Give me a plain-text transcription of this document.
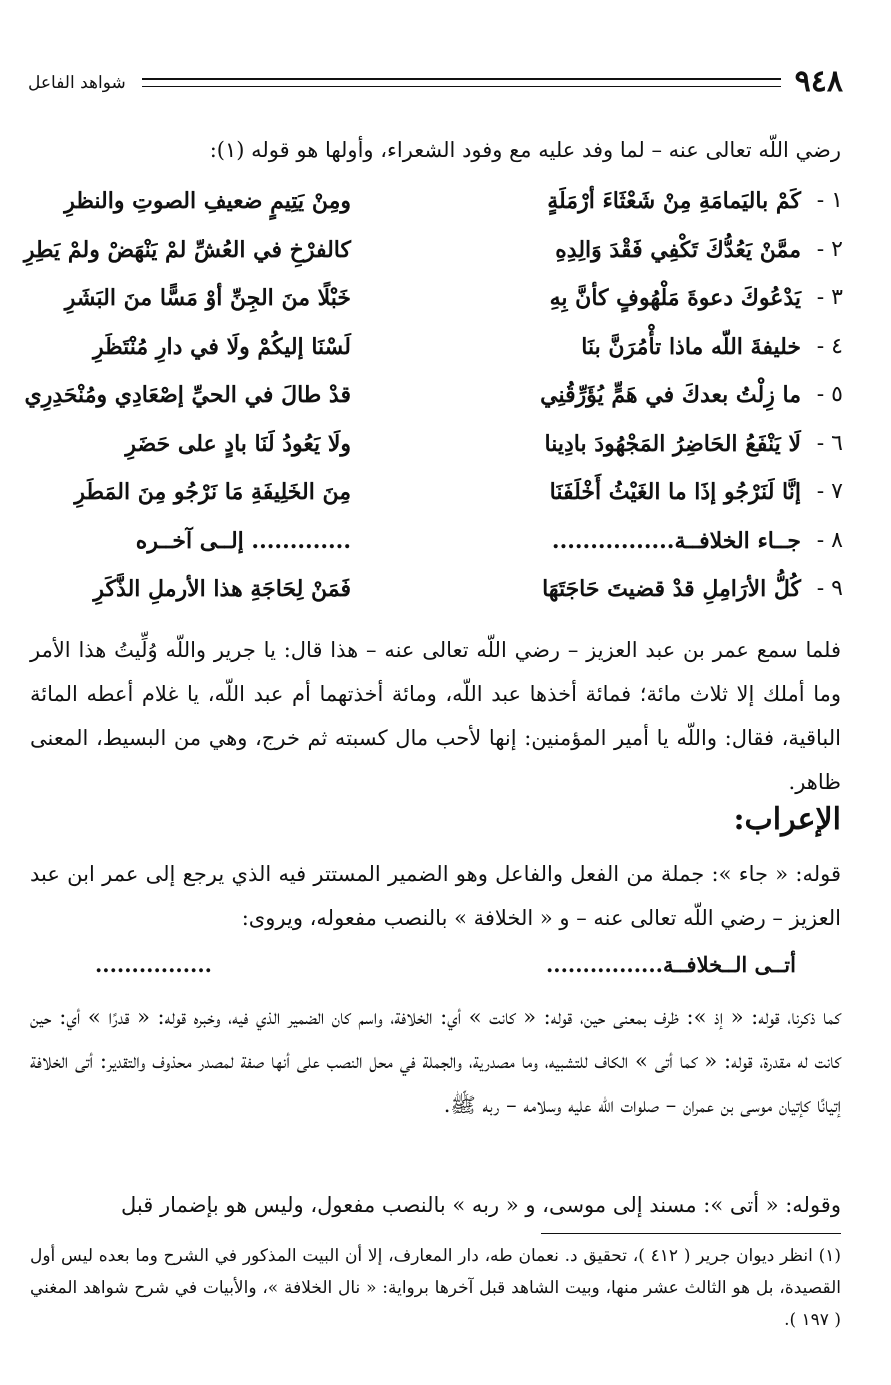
٩٤٨
شواهد الفاعل
رضي اللّه تعالى عنه – لما وفد عليه مع وفود الشعراء، وأولها هو قوله (١):
١ -
كَمْ باليَمامَةِ مِنْ شَعْثَاءَ أرْمَلَةٍ
ومِنْ يَتِيمٍ ضعيفِ الصوتِ والنظرِ
٢ -
ممَّنْ يَعُدُّكَ تَكْفِي فَقْدَ وَالِدِهِ
كالفرْخِ في العُشِّ لمْ يَنْهَضْ ولمْ يَطِرِ
٣ -
يَدْعُوكَ دعوةَ مَلْهُوفٍ كأنَّ بِهِ
خَبْلًا منَ الجِنِّ أوْ مَسًّا منَ البَشَرِ
٤ -
خليفةَ اللّه ماذا تأْمُرَنَّ بنَا
لَسْنَا إليكُمْ ولَا في دارِ مُنْتَظَرِ
٥ -
ما زِلْتُ بعدكَ في هَمٍّ يُؤَرِّقُنِي
قدْ طالَ في الحيِّ إصْعَادِي ومُنْحَدِرِي
٦ -
لَا يَنْفَعُ الحَاضِرُ المَجْهُودَ بادِينا
ولَا يَعُودُ لَنَا بادٍ على حَضَرِ
٧ -
إنَّا لَنَرْجُو إذَا ما الغَيْثُ أَخْلَفَنَا
مِنَ الخَلِيفَةِ مَا نَرْجُو مِنَ المَطَرِ
٨ -
جــاء الخلافــة................
............. إلــى آخــره
٩ -
كُلُّ الأرَامِلِ قدْ قضيتَ حَاجَتَهَا
فَمَنْ لِحَاجَةِ هذا الأرملِ الذَّكَرِ
فلما سمع عمر بن عبد العزيز – رضي اللّه تعالى عنه – هذا قال: يا جرير واللّه وُلِّيتُ هذا الأمر وما أملك إلا ثلاث مائة؛ فمائة أخذها عبد اللّه، ومائة أخذتهما أم عبد اللّه، يا غلام أعطه المائة الباقية، فقال: واللّه يا أمير المؤمنين: إنها لأحب مال كسبته ثم خرج، وهي من البسيط، المعنى ظاهر.
الإعراب:
قوله: « جاء »: جملة من الفعل والفاعل وهو الضمير المستتر فيه الذي يرجع إلى عمر ابن عبد العزيز – رضي اللّه تعالى عنه – و « الخلافة » بالنصب مفعوله، ويروى:
أتــى الــخلافــة................
................
كما ذكرنا، قوله: « إذ »: ظرف بمعنى حين، قوله: « كانت » أي: الخلافة، واسم كان الضمير الذي فيه، وخبره قوله: « قدرًا » أي: حين كانت له مقدرة، قوله: « كما أتى » الكاف للتشبيه، وما مصدرية، والجملة في محل النصب على أنها صفة لمصدر محذوف والتقدير: أتى الخلافة إتيانًا كإتيان موسى بن عمران – صلوات اللّه عليه وسلامه – ربه ﷺ.
وقوله: « أتى »: مسند إلى موسى، و « ربه » بالنصب مفعول، وليس هو بإضمار قبل
(١) انظر ديوان جرير ( ٤١٢ )، تحقيق د. نعمان طه، دار المعارف، إلا أن البيت المذكور في الشرح وما بعده ليس أول القصيدة، بل هو الثالث عشر منها، وبيت الشاهد قبل آخرها برواية: « نال الخلافة »، والأبيات في شرح شواهد المغني ( ١٩٧ ).
